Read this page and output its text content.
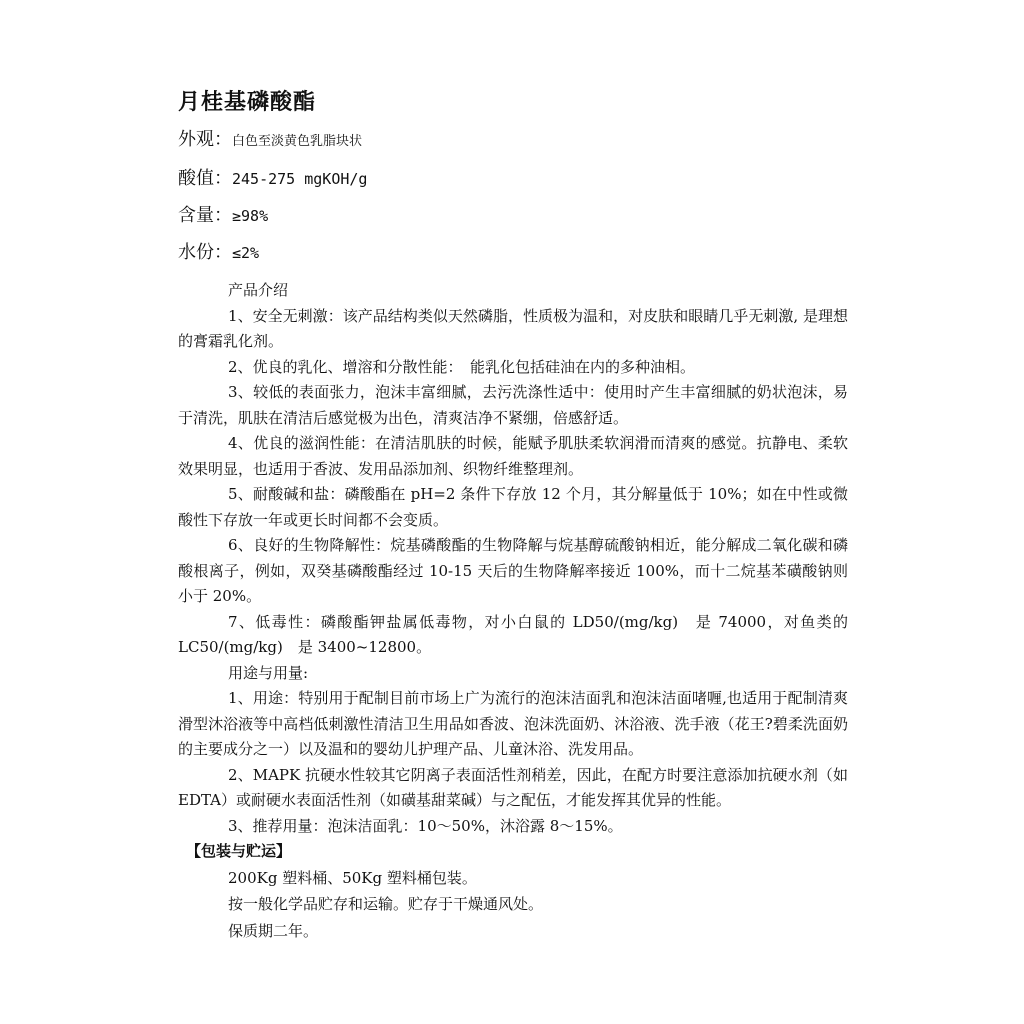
月桂基磷酸酯
外观：白色至淡黄色乳脂块状
酸值：245-275 mgKOH/g
含量：≥98%
水份：≤2%

产品介绍

1、安全无刺激：该产品结构类似天然磷脂，性质极为温和，对皮肤和眼睛几乎无刺激, 是理想的膏霜乳化剂。

2、优良的乳化、增溶和分散性能：　能乳化包括硅油在内的多种油相。

3、较低的表面张力，泡沫丰富细腻，去污洗涤性适中：使用时产生丰富细腻的奶状泡沫，易于清洗，肌肤在清洁后感觉极为出色，清爽洁净不紧绷，倍感舒适。

4、优良的滋润性能：在清洁肌肤的时候，能赋予肌肤柔软润滑而清爽的感觉。抗静电、柔软效果明显，也适用于香波、发用品添加剂、织物纤维整理剂。

5、耐酸碱和盐：磷酸酯在 pH=2 条件下存放 12 个月，其分解量低于 10%；如在中性或微酸性下存放一年或更长时间都不会变质。

6、良好的生物降解性：烷基磷酸酯的生物降解与烷基醇硫酸钠相近，能分解成二氧化碳和磷酸根离子，例如，双癸基磷酸酯经过 10-15 天后的生物降解率接近 100%，而十二烷基苯磺酸钠则小于 20%。

7、低毒性：磷酸酯钾盐属低毒物，对小白鼠的 LD50/(mg/kg)　是 74000，对鱼类的 LC50/(mg/kg)　是 3400~12800。

用途与用量:

1、用途：特别用于配制目前市场上广为流行的泡沫洁面乳和泡沫洁面啫喱,也适用于配制清爽滑型沐浴液等中高档低刺激性清洁卫生用品如香波、泡沫洗面奶、沐浴液、洗手液（花王?碧柔洗面奶的主要成分之一）以及温和的婴幼儿护理产品、儿童沐浴、洗发用品。

2、MAPK 抗硬水性较其它阴离子表面活性剂稍差，因此，在配方时要注意添加抗硬水剂（如 EDTA）或耐硬水表面活性剂（如磺基甜菜碱）与之配伍，才能发挥其优异的性能。

3、推荐用量：泡沫洁面乳：10～50%，沐浴露 8～15%。

【包装与贮运】

200Kg 塑料桶、50Kg 塑料桶包装。

按一般化学品贮存和运输。贮存于干燥通风处。

保质期二年。
